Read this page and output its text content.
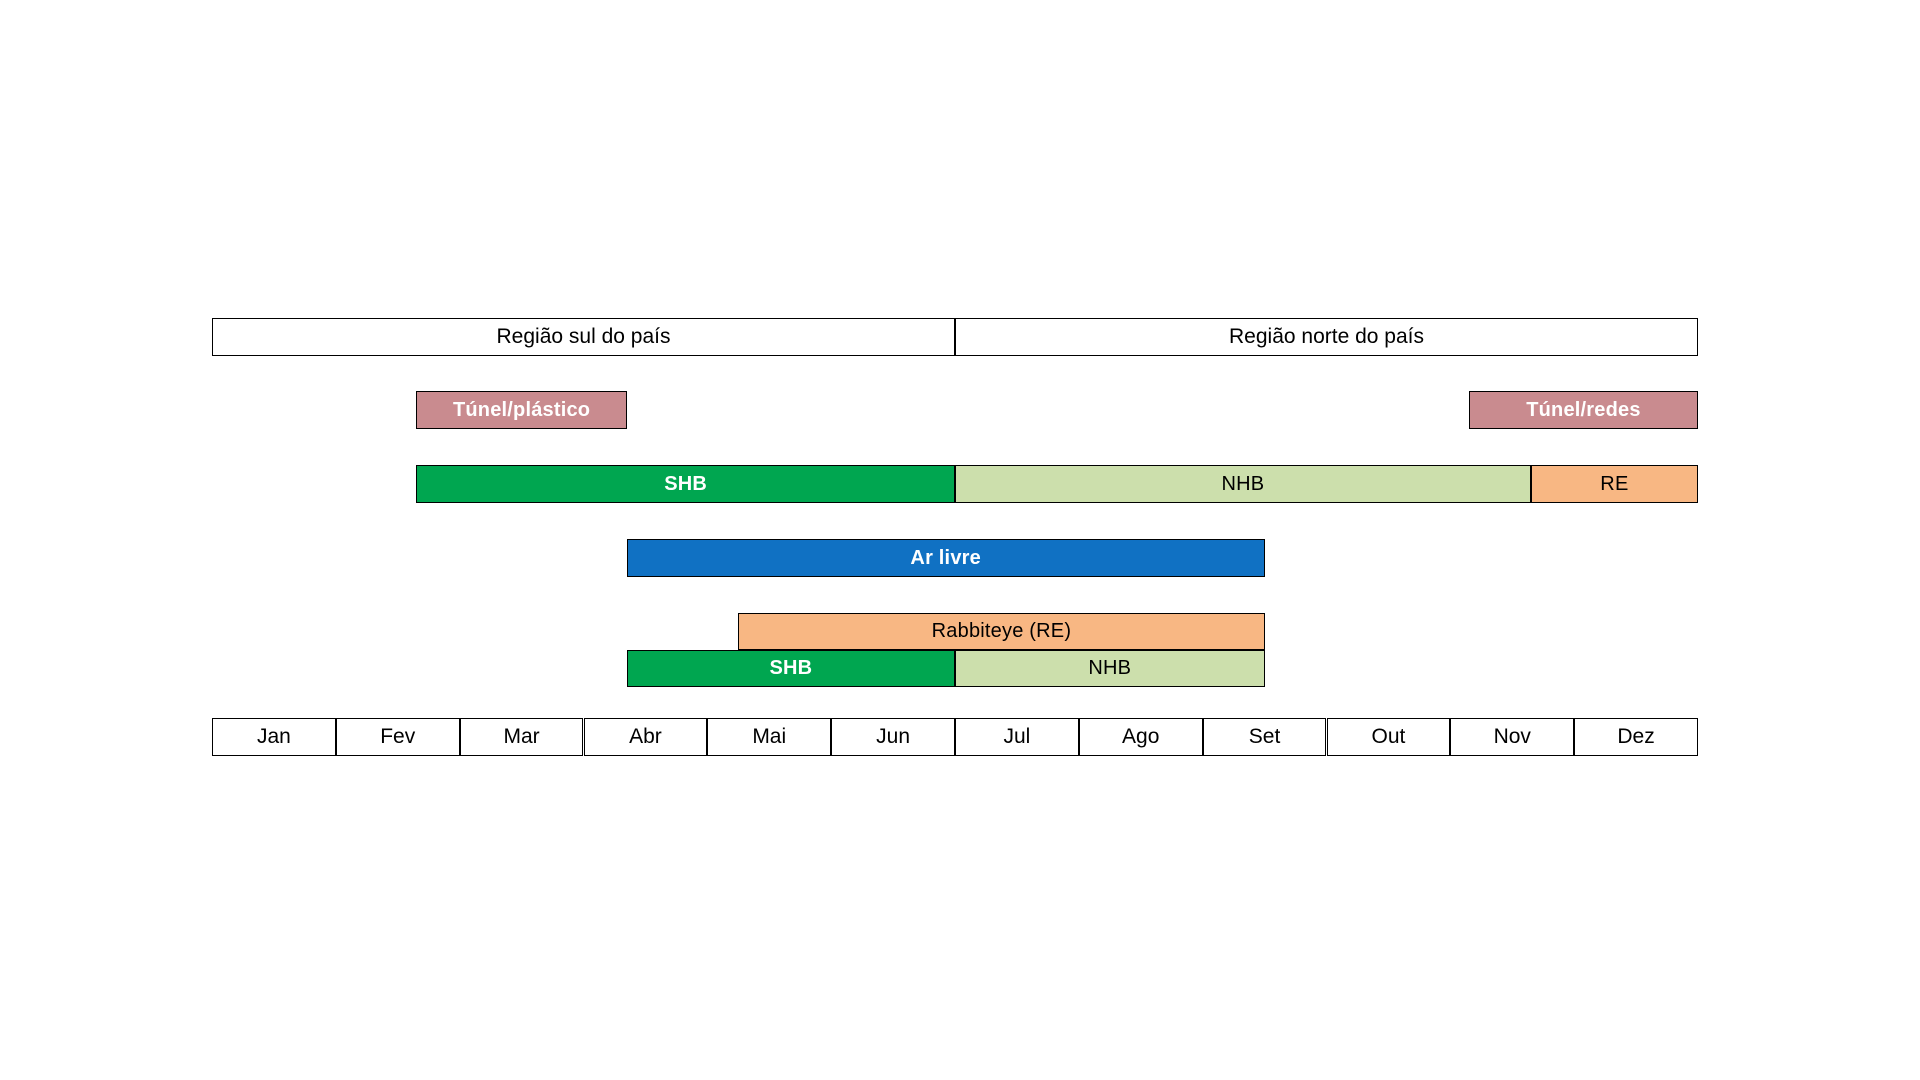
Região sul do país	Região norte do país
Túnel/plástico	Túnel/redes
SHB	NHB	RE
Ar livre
Rabbiteye (RE)
SHB	NHB
Jan	Fev	Mar	Abr	Mai	Jun	Jul	Ago	Set	Out	Nov	Dez
